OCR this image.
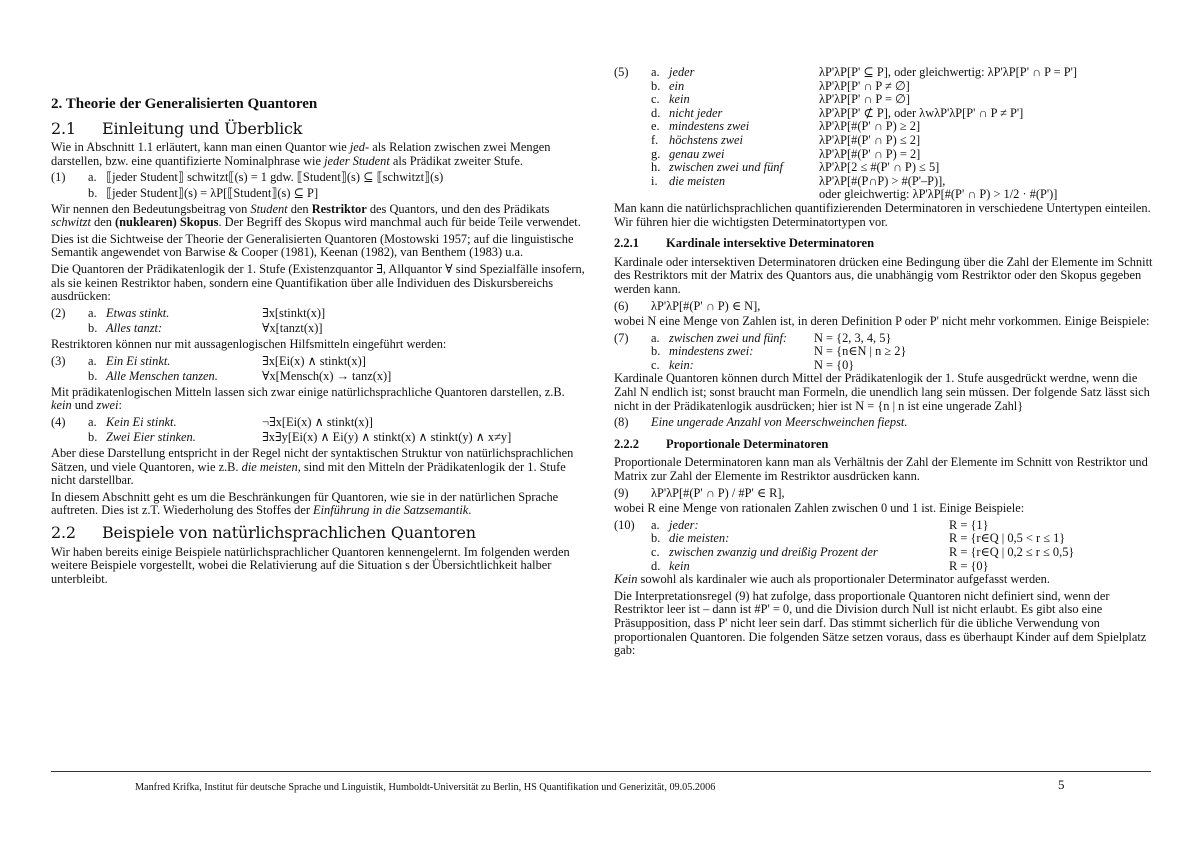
2. Theorie der Generalisierten Quantoren
2.1 Einleitung und Überblick

Wie in Abschnitt 1.1 erläutert, kann man einen Quantor wie jed- als Relation zwischen zwei Mengen darstellen, bzw. eine quantifizierte Nominalphrase wie jeder Student als Prädikat zweiter Stufe.

(1)	a. ⟦jeder Student⟧ schwitzt⟦(s) = 1 gdw. ⟦Student⟧(s) ⊆ ⟦schwitzt⟧(s)
b. ⟦jeder Student⟧(s) = λP[⟦Student⟧(s) ⊆ P]

Wir nennen den Bedeutungsbeitrag von Student den Restriktor des Quantors, und den des Prädikats schwitzt den (nuklearen) Skopus. Der Begriff des Skopus wird manchmal auch für beide Teile verwendet.

Dies ist die Sichtweise der Theorie der Generalisierten Quantoren (Mostowski 1957; auf die linguistische Semantik angewendet von Barwise & Cooper (1981), Keenan (1982), van Benthem (1983) u.a.

Die Quantoren der Prädikatenlogik der 1. Stufe (Existenzquantor ∃, Allquantor ∀ sind Spezialfälle insofern, als sie keinen Restriktor haben, sondern eine Quantifikation über alle Individuen des Diskursbereichs ausdrücken:

(2)	a. Etwas stinkt.	∃x[stinkt(x)]
b. Alles tanzt:	∀x[tanzt(x)]

Restriktoren können nur mit aussagenlogischen Hilfsmitteln eingeführt werden:

(3)	a. Ein Ei stinkt.	∃x[Ei(x) ∧ stinkt(x)]
b. Alle Menschen tanzen.	∀x[Mensch(x) → tanz(x)]

Mit prädikatenlogischen Mitteln lassen sich zwar einige natürlichsprachliche Quantoren darstellen, z.B. kein und zwei:

(4)	a. Kein Ei stinkt.	¬∃x[Ei(x) ∧ stinkt(x)]
b. Zwei Eier stinken.	∃x∃y[Ei(x) ∧ Ei(y) ∧ stinkt(x) ∧ stinkt(y) ∧ x≠y]

Aber diese Darstellung entspricht in der Regel nicht der syntaktischen Struktur von natürlichsprachlichen Sätzen, und viele Quantoren, wie z.B. die meisten, sind mit den Mitteln der Prädikatenlogik der 1. Stufe nicht darstellbar.

In diesem Abschnitt geht es um die Beschränkungen für Quantoren, wie sie in der natürlichen Sprache auftreten. Dies ist z.T. Wiederholung des Stoffes der Einführung in die Satzsemantik.

2.2 Beispiele von natürlichsprachlichen Quantoren

Wir haben bereits einige Beispiele natürlichsprachlicher Quantoren kennengelernt. Im folgenden werden weitere Beispiele vorgestellt, wobei die Relativierung auf die Situation s der Übersichtlichkeit halber unterbleibt.

(5)	a. jeder	λP'λP[P' ⊆ P], oder gleichwertig: λP'λP[P' ∩ P = P']
b. ein	λP'λP[P' ∩ P ≠ ∅]
c. kein	λP'λP[P' ∩ P = ∅]
d. nicht jeder	λP'λP[P' ⊄ P], oder λwλP'λP[P' ∩ P ≠ P']
e. mindestens zwei	λP'λP[#(P' ∩ P) ≥ 2]
f. höchstens zwei	λP'λP[#(P' ∩ P) ≤ 2]
g. genau zwei	λP'λP[#(P' ∩ P) = 2]
h. zwischen zwei und fünf	λP'λP[2 ≤ #(P' ∩ P) ≤ 5]
i. die meisten	λP'λP[#(P∩P) > #(P'–P)],
oder gleichwertig: λP'λP[#(P' ∩ P) > 1/2 · #(P')]

Man kann die natürlichsprachlichen quantifizierenden Determinatoren in verschiedene Untertypen einteilen. Wir führen hier die wichtigsten Determinatortypen vor.

2.2.1 Kardinale intersektive Determinatoren

Kardinale oder intersektiven Determinatoren drücken eine Bedingung über die Zahl der Elemente im Schnitt des Restriktors mit der Matrix des Quantors aus, die unabhängig vom Restriktor oder den Skopus gegeben werden kann.

(6)	λP'λP[#(P' ∩ P) ∈ N],

wobei N eine Menge von Zahlen ist, in deren Definition P oder P' nicht mehr vorkommen. Einige Beispiele:

(7)	a. zwischen zwei und fünf:	N = {2, 3, 4, 5}
b. mindestens zwei:	N = {n∈N | n ≥ 2}
c. kein:	N = {0}

Kardinale Quantoren können durch Mittel der Prädikatenlogik der 1. Stufe ausgedrückt werdne, wenn die Zahl N endlich ist; sonst braucht man Formeln, die unendlich lang sein müssen. Der folgende Satz lässt sich nicht in der Prädikatenlogik ausdrücken; hier ist N = {n | n ist eine ungerade Zahl}

(8)	Eine ungerade Anzahl von Meerschweinchen fiepst.
2.2.2 Proportionale Determinatoren

Proportionale Determinatoren kann man als Verhältnis der Zahl der Elemente im Schnitt von Restriktor und Matrix zur Zahl der Elemente im Restriktor ausdrücken kann.

(9)	λP'λP[#(P' ∩ P) / #P' ∈ R],

wobei R eine Menge von rationalen Zahlen zwischen 0 und 1 ist. Einige Beispiele:

(10)	a. jeder:	R = {1}
b. die meisten:	R = {r∈Q | 0,5 < r ≤ 1}
c. zwischen zwanzig und dreißig Prozent der	R = {r∈Q | 0,2 ≤ r ≤ 0,5}
d. kein	R = {0}

Kein sowohl als kardinaler wie auch als proportionaler Determinator aufgefasst werden.

Die Interpretationsregel (9) hat zufolge, dass proportionale Quantoren nicht definiert sind, wenn der Restriktor leer ist – dann ist #P' = 0, und die Division durch Null ist nicht erlaubt. Es gibt also eine Präsupposition, dass P' nicht leer sein darf. Das stimmt sicherlich für die übliche Verwendung von proportionalen Quantoren. Die folgenden Sätze setzen voraus, dass es überhaupt Kinder auf dem Spielplatz gab:

Manfred Krifka, Institut für deutsche Sprache und Linguistik, Humboldt-Universität zu Berlin, HS Quantifikation und Generizität, 09.05.2006	5
